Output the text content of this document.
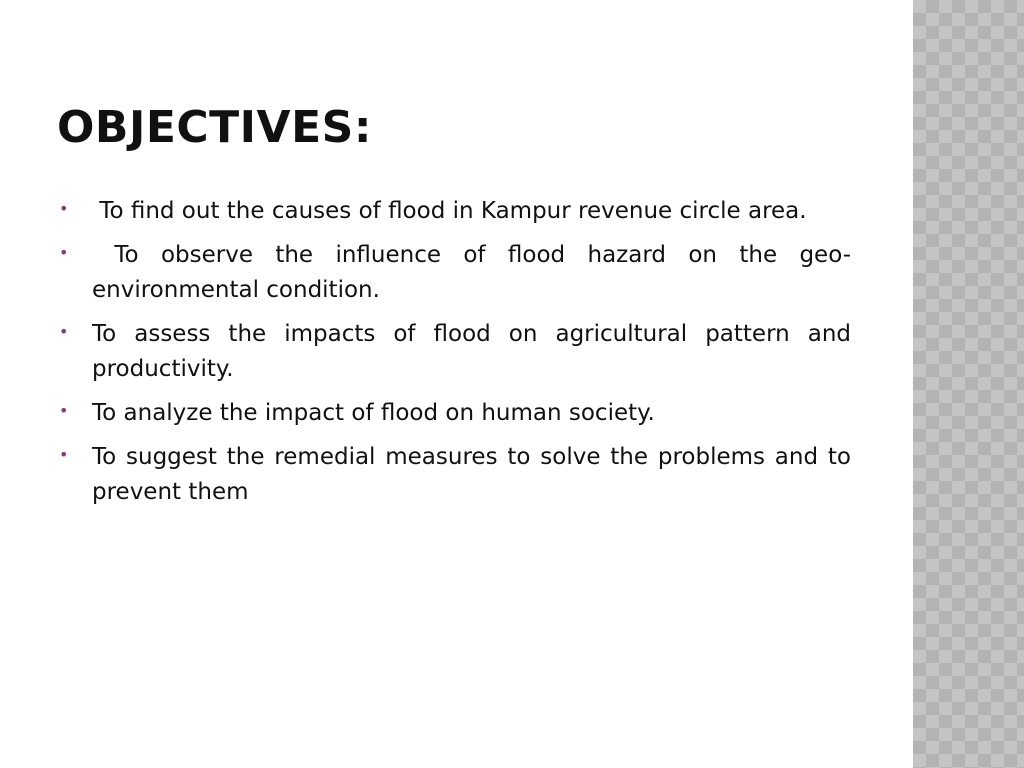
OBJECTIVES:
• To find out the causes of flood in Kampur revenue circle area.
• To observe the influence of flood hazard on the geo-environmental condition.
• To assess the impacts of flood on agricultural pattern and productivity.
• To analyze the impact of flood on human society.
• To suggest the remedial measures to solve the problems and to prevent them
